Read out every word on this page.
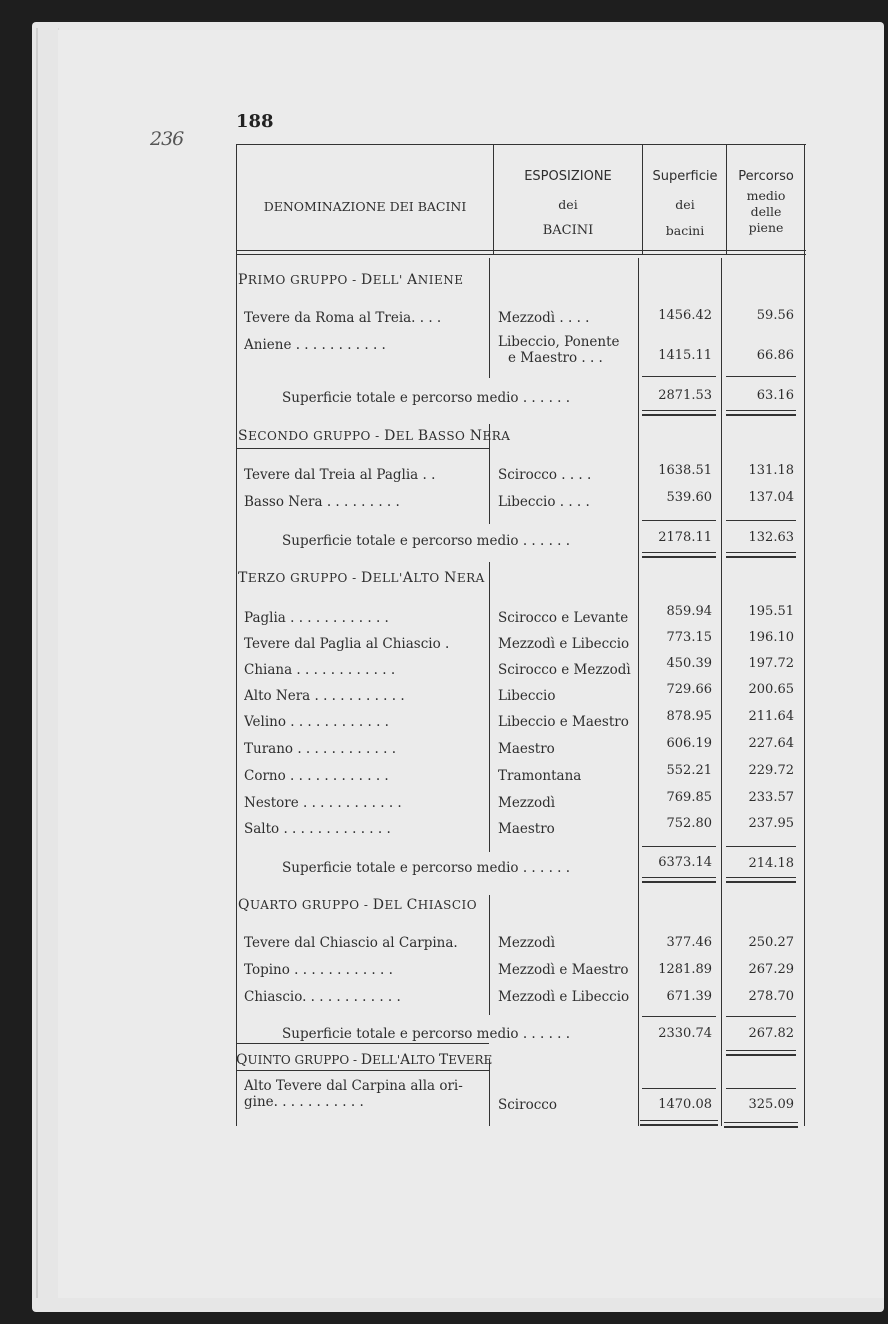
236
188
DENOMINAZIONE DEI BACINI
ESPOSIZIONE
dei
BACINI
Superficie
dei
bacini
Percorso
medio
delle
piene
PRIMO GRUPPO - DELL' ANIENE
Tevere da Roma al Treia. . . .	Mezzodì . . . .	1456.42	59.56
Aniene . . . . . . . . . . .	Libeccio, Ponente
e Maestro . . .	1415.11	66.86
Superficie totale e percorso medio . . . . . .	2871.53	63.16
SECONDO GRUPPO - DEL BASSO NERA
Tevere dal Treia al Paglia . .	Scirocco . . . .	1638.51	131.18
Basso Nera . . . . . . . . .	Libeccio . . . .	539.60	137.04
Superficie totale e percorso medio . . . . . .	2178.11	132.63
TERZO GRUPPO - DELL'ALTO NERA
Paglia . . . . . . . . . . . .	Scirocco e Levante	859.94	195.51
Tevere dal Paglia al Chiascio .	Mezzodì e Libeccio	773.15	196.10
Chiana . . . . . . . . . . . .	Scirocco e Mezzodì	450.39	197.72
Alto Nera . . . . . . . . . . .	Libeccio	729.66	200.65
Velino . . . . . . . . . . . .	Libeccio e Maestro	878.95	211.64
Turano . . . . . . . . . . . .	Maestro	606.19	227.64
Corno . . . . . . . . . . . .	Tramontana	552.21	229.72
Nestore . . . . . . . . . . . .	Mezzodì	769.85	233.57
Salto . . . . . . . . . . . . .	Maestro	752.80	237.95
Superficie totale e percorso medio . . . . . .	6373.14	214.18
QUARTO GRUPPO - DEL CHIASCIO
Tevere dal Chiascio al Carpina.	Mezzodì	377.46	250.27
Topino . . . . . . . . . . . .	Mezzodì e Maestro	1281.89	267.29
Chiascio. . . . . . . . . . . .	Mezzodì e Libeccio	671.39	278.70
Superficie totale e percorso medio . . . . . .	2330.74	267.82
QUINTO GRUPPO - DELL'ALTO TEVERE
Alto Tevere dal Carpina alla ori-
gine. . . . . . . . . . .	Scirocco	1470.08	325.09
